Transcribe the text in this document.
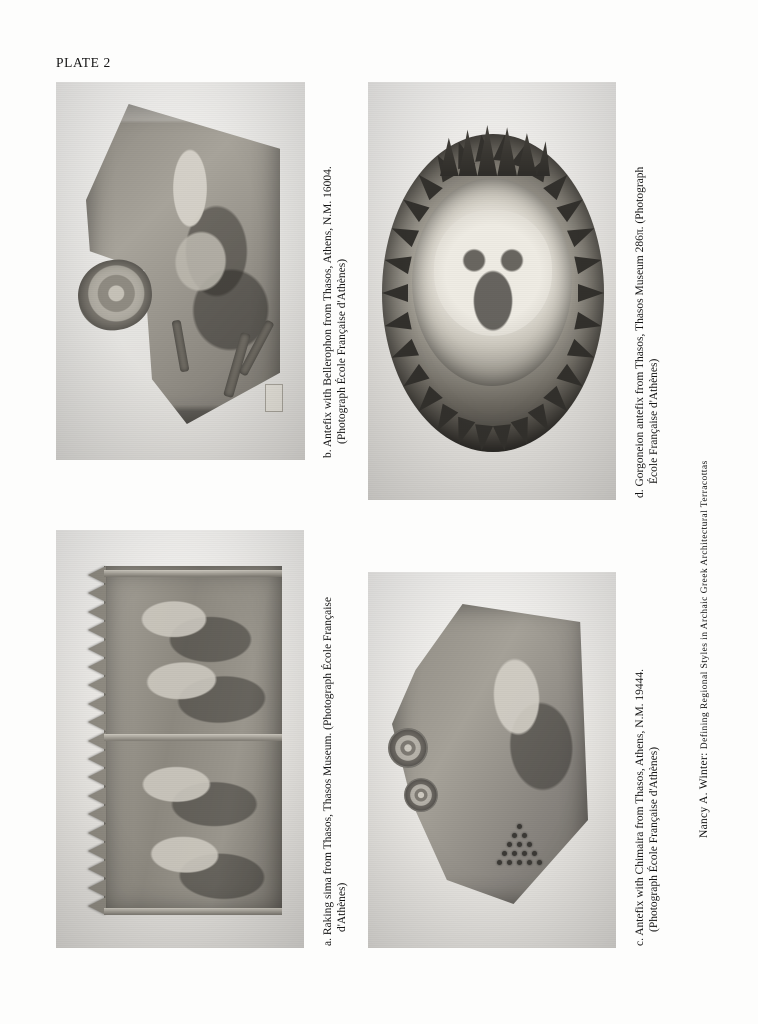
PLATE 2
b. Antefix with Bellerophon from Thasos, Athens, N.M. 16004. (Photograph École Française d'Athènes)	d. Gorgoneion antefix from Thasos, Thasos Museum 286π. (Photograph École Française d'Athènes)
a. Raking sima from Thasos, Thasos Museum. (Photograph École Française d'Athènes)	c. Antefix with Chimaira from Thasos, Athens, N.M. 19444. (Photograph École Française d'Athènes)	Nancy A. Winter: Defining Regional Styles in Archaic Greek Architectural Terracottas
